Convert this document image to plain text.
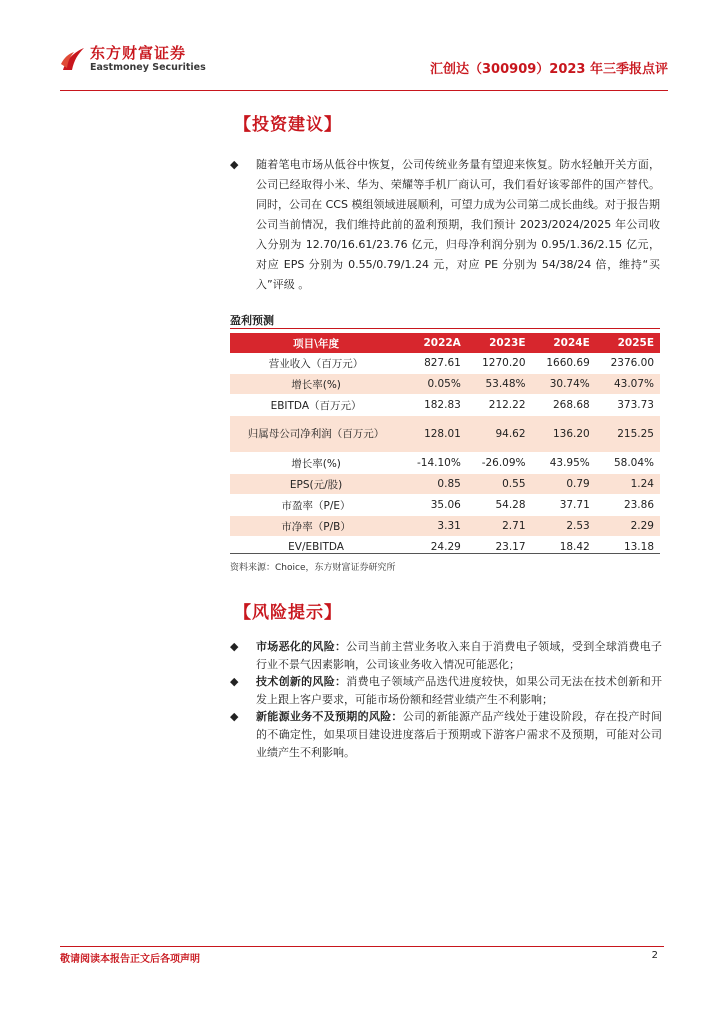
东方财富证券
Eastmoney Securities	汇创达（300909）2023 年三季报点评
【投资建议】
◆	随着笔电市场从低谷中恢复，公司传统业务量有望迎来恢复。防水轻触开关方面，公司已经取得小米、华为、荣耀等手机厂商认可，我们看好该零部件的国产替代。同时，公司在 CCS 模组领域进展顺利，可望力成为公司第二成长曲线。对于报告期公司当前情况，我们维持此前的盈利预期，我们预计 2023/2024/2025 年公司收入分别为 12.70/16.61/23.76 亿元，归母净利润分别为 0.95/1.36/2.15 亿元，对应 EPS 分别为 0.55/0.79/1.24 元，对应 PE 分别为 54/38/24 倍，维持“买入”评级 。
盈利预测
项目\年度	2022A	2023E	2024E	2025E
营业收入（百万元）	827.61	1270.20	1660.69	2376.00
增长率(%)	0.05%	53.48%	30.74%	43.07%
EBITDA（百万元）	182.83	212.22	268.68	373.73
归属母公司净利润（百万元）	128.01	94.62	136.20	215.25
增长率(%)	-14.10%	-26.09%	43.95%	58.04%
EPS(元/股)	0.85	0.55	0.79	1.24
市盈率（P/E）	35.06	54.28	37.71	23.86
市净率（P/B）	3.31	2.71	2.53	2.29
EV/EBITDA	24.29	23.17	18.42	13.18
资料来源：Choice，东方财富证券研究所
【风险提示】
◆	市场恶化的风险：公司当前主营业务收入来自于消费电子领域，受到全球消费电子行业不景气因素影响，公司该业务收入情况可能恶化；
◆	技术创新的风险：消费电子领域产品迭代进度较快，如果公司无法在技术创新和开发上跟上客户要求，可能市场份额和经营业绩产生不利影响；
◆	新能源业务不及预期的风险：公司的新能源产品产线处于建设阶段，存在投产时间的不确定性，如果项目建设进度落后于预期或下游客户需求不及预期，可能对公司业绩产生不利影响。
敬请阅读本报告正文后各项声明	2
